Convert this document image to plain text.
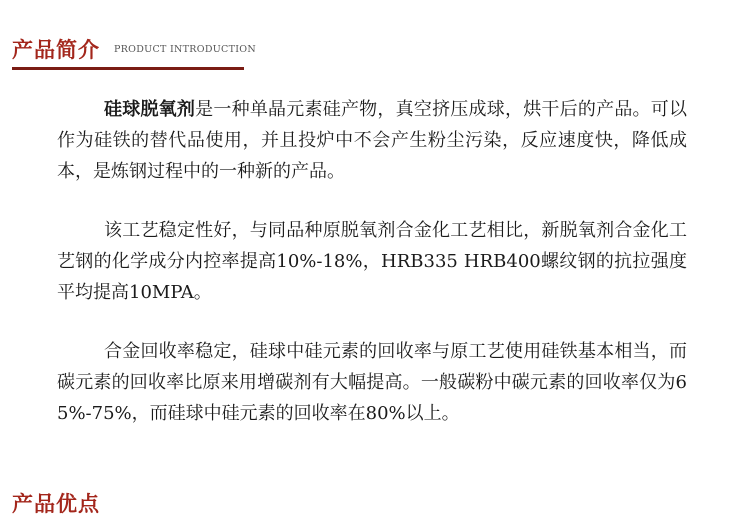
产品简介 PRODUCT INTRODUCTION

硅球脱氧剂是一种单晶元素硅产物，真空挤压成球，烘干后的产品。可以作为硅铁的替代品使用，并且投炉中不会产生粉尘污染，反应速度快，降低成本，是炼钢过程中的一种新的产品。

该工艺稳定性好，与同品种原脱氧剂合金化工艺相比，新脱氧剂合金化工艺钢的化学成分内控率提高10%-18%，HRB335 HRB400螺纹钢的抗拉强度平均提高10MPA。

合金回收率稳定，硅球中硅元素的回收率与原工艺使用硅铁基本相当，而碳元素的回收率比原来用增碳剂有大幅提高。一般碳粉中碳元素的回收率仅为65%-75%，而硅球中硅元素的回收率在80%以上。

产品优点
